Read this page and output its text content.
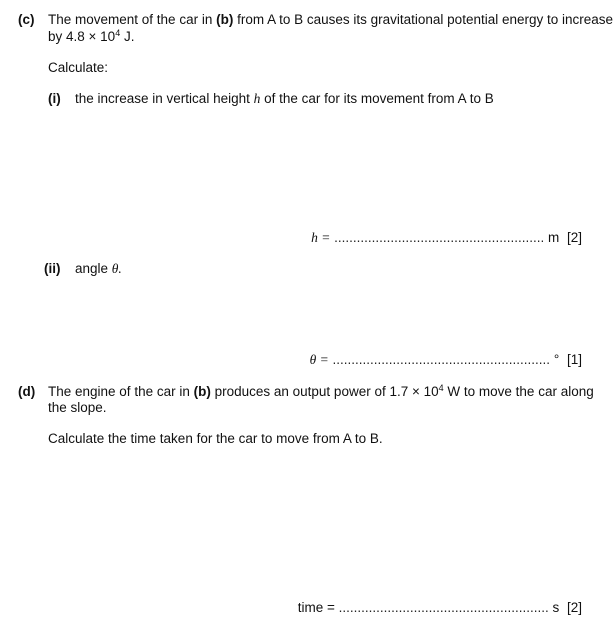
(c) The movement of the car in (b) from A to B causes its gravitational potential energy to increase
by $4.8 \times 10^4$ J.
Calculate:
(i) the increase in vertical height h of the car for its movement from A to B
h = ........................................................ m [2]
(ii) angle θ.
θ = .......................................................... ° [1]
(d) The engine of the car in (b) produces an output power of $1.7 \times 10^4$ W to move the car along
the slope.
Calculate the time taken for the car to move from A to B.
time = ........................................................ s [2]
